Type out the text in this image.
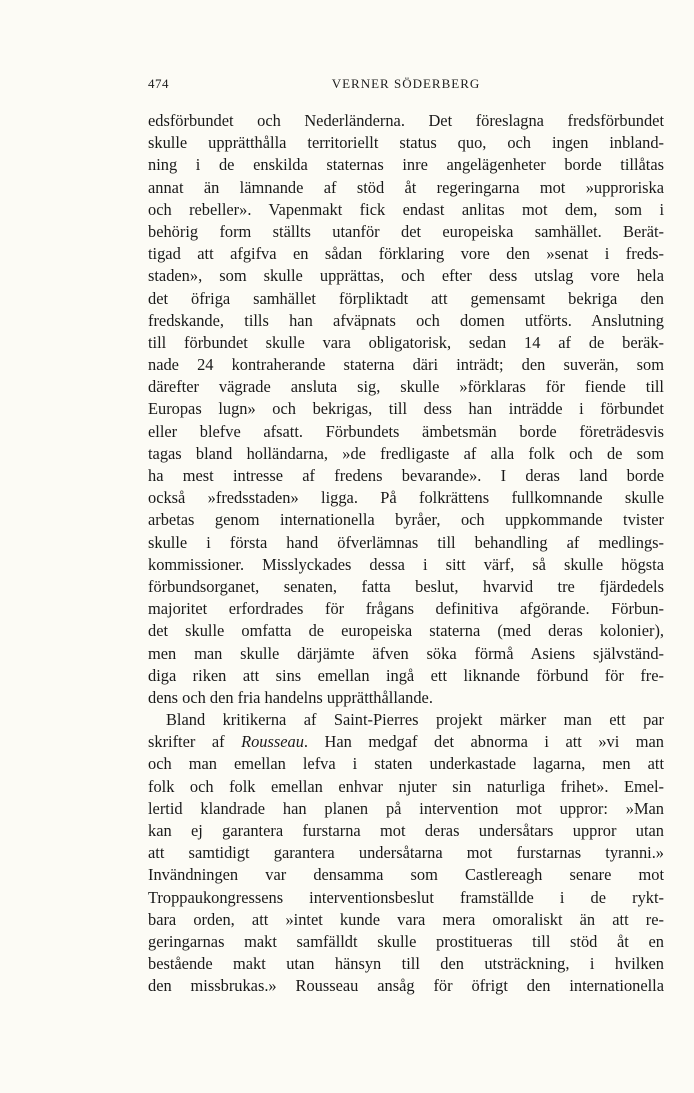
474	VERNER SÖDERBERG
edsförbundet och Nederländerna. Det föreslagna fredsförbundet
skulle upprätthålla territoriellt status quo, och ingen inbland-
ning i de enskilda staternas inre angelägenheter borde tillåtas
annat än lämnande af stöd åt regeringarna mot »upproriska
och rebeller». Vapenmakt fick endast anlitas mot dem, som i
behörig form ställts utanför det europeiska samhället. Berät-
tigad att afgifva en sådan förklaring vore den »senat i freds-
staden», som skulle upprättas, och efter dess utslag vore hela
det öfriga samhället förpliktadt att gemensamt bekriga den
fredskande, tills han afväpnats och domen utförts. Anslutning
till förbundet skulle vara obligatorisk, sedan 14 af de beräk-
nade 24 kontraherande staterna däri inträdt; den suverän, som
därefter vägrade ansluta sig, skulle »förklaras för fiende till
Europas lugn» och bekrigas, till dess han inträdde i förbundet
eller blefve afsatt. Förbundets ämbetsmän borde företrädesvis
tagas bland holländarna, »de fredligaste af alla folk och de som
ha mest intresse af fredens bevarande». I deras land borde
också »fredsstaden» ligga. På folkrättens fullkomnande skulle
arbetas genom internationella byråer, och uppkommande tvister
skulle i första hand öfverlämnas till behandling af medlings-
kommissioner. Misslyckades dessa i sitt värf, så skulle högsta
förbundsorganet, senaten, fatta beslut, hvarvid tre fjärdedels
majoritet erfordrades för frågans definitiva afgörande. Förbun-
det skulle omfatta de europeiska staterna (med deras kolonier),
men man skulle därjämte äfven söka förmå Asiens självständ-
diga riken att sins emellan ingå ett liknande förbund för fre-
dens och den fria handelns upprätthållande.
Bland kritikerna af Saint-Pierres projekt märker man ett par
skrifter af Rousseau. Han medgaf det abnorma i att »vi man
och man emellan lefva i staten underkastade lagarna, men att
folk och folk emellan enhvar njuter sin naturliga frihet». Emel-
lertid klandrade han planen på intervention mot uppror: »Man
kan ej garantera furstarna mot deras undersåtars uppror utan
att samtidigt garantera undersåtarna mot furstarnas tyranni.»
Invändningen var densamma som Castlereagh senare mot
Troppaukongressens interventionsbeslut framställde i de rykt-
bara orden, att »intet kunde vara mera omoraliskt än att re-
geringarnas makt samfälldt skulle prostitueras till stöd åt en
bestående makt utan hänsyn till den utsträckning, i hvilken
den missbrukas.» Rousseau ansåg för öfrigt den internationella
